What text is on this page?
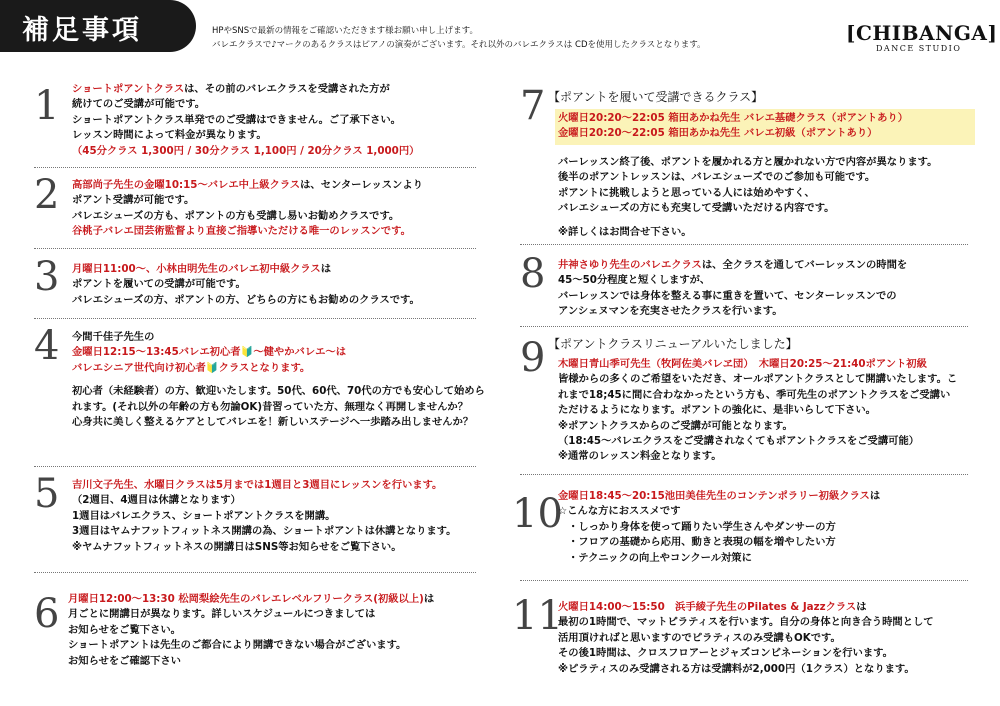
補足事項	HPやSNSで最新の情報をご確認いただきます様お願い申し上げます。
バレエクラスで♪マークのあるクラスはピアノの演奏がございます。それ以外のバレエクラスは CDを使用したクラスとなります。	[CHIBANGA]
DANCE STUDIO
1 ショートポアントクラスは、その前のバレエクラスを受講された方が
続けてのご受講が可能です。
ショートポアントクラス単発でのご受講はできません。ご了承下さい。
レッスン時間によって料金が異なります。
（45分クラス 1,300円 / 30分クラス 1,100円 / 20分クラス 1,000円）
2 高部尚子先生の金曜10:15〜バレエ中上級クラスは、センターレッスンより
ポアント受講が可能です。
バレエシューズの方も、ポアントの方も受講し易いお勧めクラスです。
谷桃子バレエ団芸術監督より直接ご指導いただける唯一のレッスンです。
3 月曜日11:00〜、小林由明先生のバレエ初中級クラスは
ポアントを履いての受講が可能です。
バレエシューズの方、ポアントの方、どちらの方にもお勧めのクラスです。
4 今間千佳子先生の
金曜日12:15〜13:45バレエ初心者🔰〜健やかバレエ〜は
バレエシニア世代向け初心者🔰クラスとなります。
初心者（未経験者）の方、歓迎いたします。50代、60代、70代の方でも安心して始めら
れます。(それ以外の年齢の方も勿論OK)昔習っていた方、無理なく再開しませんか？
心身共に美しく整えるケアとしてバレエを！新しいステージへ一歩踏み出しませんか？
5 吉川文子先生、水曜日クラスは5月までは1週目と3週目にレッスンを行います。
（2週目、4週目は休講となります）
1週目はバレエクラス、ショートポアントクラスを開講。
3週目はヤムナフットフィットネス開講の為、ショートポアントは休講となります。
※ヤムナフットフィットネスの開講日はSNS等お知らせをご覧下さい。
6 月曜日12:00〜13:30 松岡梨絵先生のバレエレベルフリークラス(初級以上)は
月ごとに開講日が異なります。詳しいスケジュールにつきましては
お知らせをご覧下さい。
ショートポアントは先生のご都合により開講できない場合がございます。
お知らせをご確認下さい
7 【ポアントを履いて受講できるクラス】
火曜日20:20〜22:05 箱田あかね先生 バレエ基礎クラス（ポアントあり）
金曜日20:20〜22:05 箱田あかね先生 バレエ初級（ポアントあり）
バーレッスン終了後、ポアントを履かれる方と履かれない方で内容が異なります。
後半のポアントレッスンは、バレエシューズでのご参加も可能です。
ポアントに挑戦しようと思っている人には始めやすく、
バレエシューズの方にも充実して受講いただける内容です。
※詳しくはお問合せ下さい。
8 井神さゆり先生のバレエクラスは、全クラスを通してバーレッスンの時間を
45〜50分程度と短くしますが、
バーレッスンでは身体を整える事に重きを置いて、センターレッスンでの
アンシェヌマンを充実させたクラスを行います。
9 【ポアントクラスリニューアルいたしました】
木曜日青山季可先生（牧阿佐美バレヱ団）　木曜日20:25〜21:40ポアント初級
皆様からの多くのご希望をいただき、オールポアントクラスとして開講いたします。こ
れまで18;45に間に合わなかったという方も、季可先生のポアントクラスをご受講い
ただけるようになります。ポアントの強化に、是非いらして下さい。
※ポアントクラスからのご受講が可能となります。
（18:45〜バレエクラスをご受講されなくてもポアントクラスをご受講可能）
※通常のレッスン料金となります。
10
金曜日18:45〜20:15池田美佳先生のコンテンポラリー初級クラスは
☆こんな方におススメです
・しっかり身体を使って踊りたい学生さんやダンサーの方
・フロアの基礎から応用、動きと表現の幅を増やしたい方
・テクニックの向上やコンクール対策に
11
火曜日14:00〜15:50　浜手綾子先生のPilates & Jazzクラスは
最初の1時間で、マットピラティスを行います。自分の身体と向き合う時間として
活用頂ければと思いますのでピラティスのみ受講もOKです。
その後1時間は、クロスフロアーとジャズコンビネーションを行います。
※ピラティスのみ受講される方は受講料が2,000円（1クラス）となります。
